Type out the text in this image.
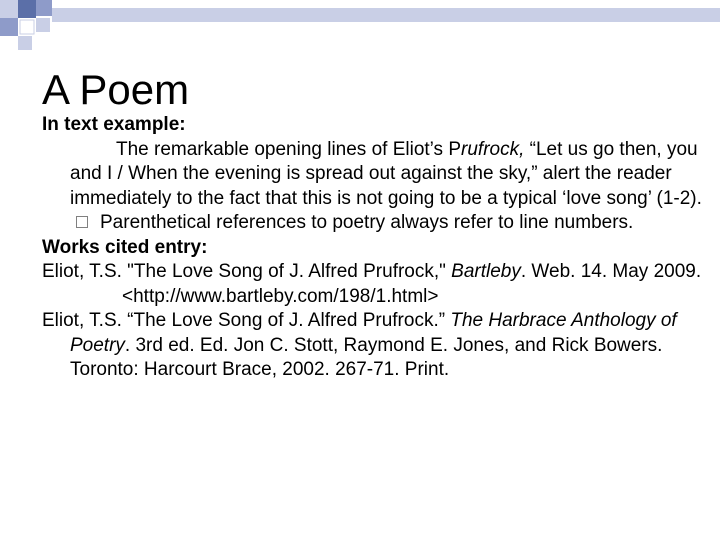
A Poem

In text example:

The remarkable opening lines of Eliot’s Prufrock, “Let us go then, you and I / When the evening is spread out against the sky,” alert the reader immediately to the fact that this is not going to be a typical ‘love song’ (1-2).

Parenthetical references to poetry always refer to line numbers.

Works cited entry:

Eliot, T.S. "The Love Song of J. Alfred Prufrock," Bartleby. Web. 14. May 2009.

<http://www.bartleby.com/198/1.html>

Eliot, T.S. “The Love Song of J. Alfred Prufrock.” The Harbrace Anthology of Poetry. 3rd ed. Ed. Jon C. Stott, Raymond E. Jones, and Rick Bowers. Toronto: Harcourt Brace, 2002. 267-71. Print.
